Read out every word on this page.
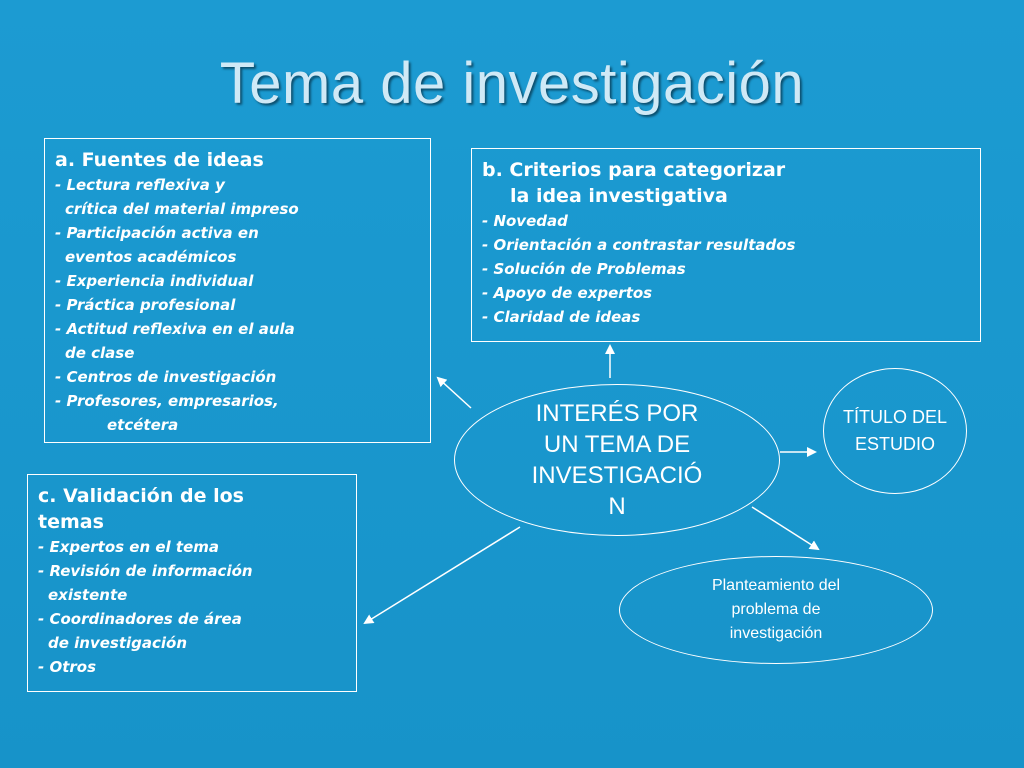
Tema de investigación
a. Fuentes de ideas
- Lectura reflexiva y
crítica del material impreso
- Participación activa en
eventos académicos
- Experiencia individual
- Práctica profesional
- Actitud reflexiva en el aula
de clase
- Centros de investigación
- Profesores, empresarios,
etcétera
b. Criterios para categorizar
la idea investigativa
- Novedad
- Orientación a contrastar resultados
- Solución de Problemas
- Apoyo de expertos
- Claridad de ideas
c. Validación de los
temas
- Expertos en el tema
- Revisión de información
existente
- Coordinadores de área
de investigación
- Otros
INTERÉS POR
UN TEMA DE
INVESTIGACIÓ
N
TÍTULO DEL
ESTUDIO
Planteamiento del
problema de
investigación
